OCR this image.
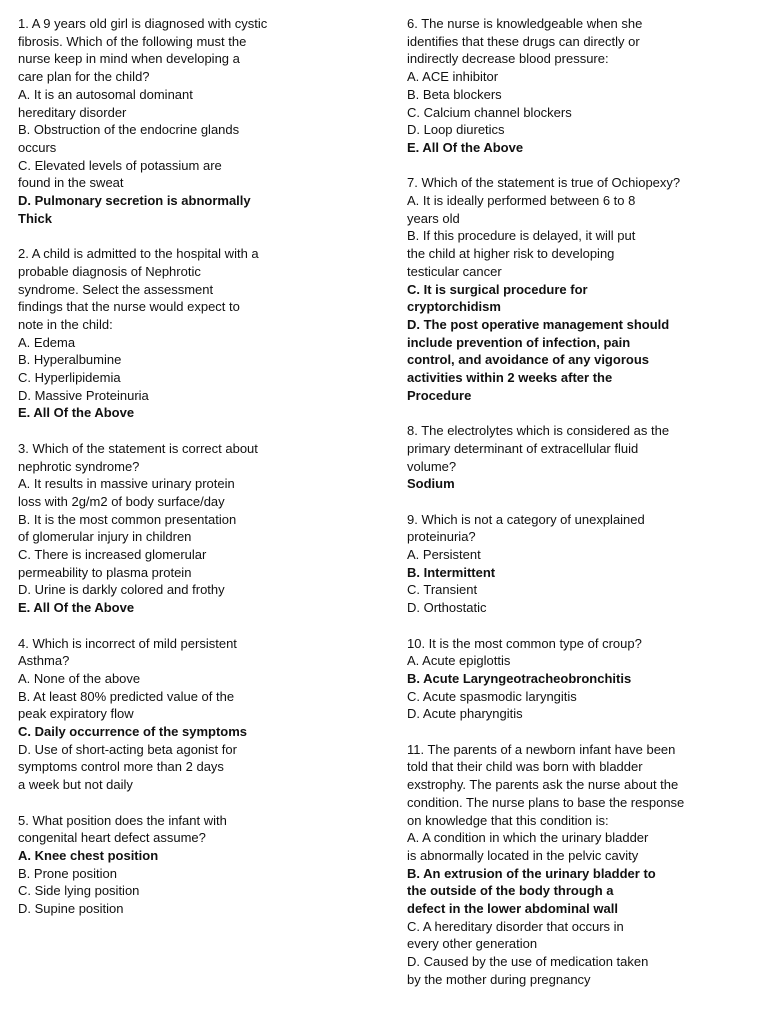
1. A 9 years old girl is diagnosed with cystic
fibrosis. Which of the following must the
nurse keep in mind when developing a
care plan for the child?
A. It is an autosomal dominant
hereditary disorder
B. Obstruction of the endocrine glands
occurs
C. Elevated levels of potassium are
found in the sweat
D. Pulmonary secretion is abnormally
Thick
2. A child is admitted to the hospital with a
probable diagnosis of Nephrotic
syndrome. Select the assessment
findings that the nurse would expect to
note in the child:
A. Edema
B. Hyperalbumine
C. Hyperlipidemia
D. Massive Proteinuria
E. All Of the Above
3. Which of the statement is correct about
nephrotic syndrome?
A. It results in massive urinary protein
loss with 2g/m2 of body surface/day
B. It is the most common presentation
of glomerular injury in children
C. There is increased glomerular
permeability to plasma protein
D. Urine is darkly colored and frothy
E. All Of the Above
4. Which is incorrect of mild persistent
Asthma?
A. None of the above
B. At least 80% predicted value of the
peak expiratory flow
C. Daily occurrence of the symptoms
D. Use of short-acting beta agonist for
symptoms control more than 2 days
a week but not daily
5. What position does the infant with
congenital heart defect assume?
A. Knee chest position
B. Prone position
C. Side lying position
D. Supine position
6. The nurse is knowledgeable when she
identifies that these drugs can directly or
indirectly decrease blood pressure:
A. ACE inhibitor
B. Beta blockers
C. Calcium channel blockers
D. Loop diuretics
E. All Of the Above
7. Which of the statement is true of Ochiopexy?
A. It is ideally performed between 6 to 8
years old
B. If this procedure is delayed, it will put
the child at higher risk to developing
testicular cancer
C. It is surgical procedure for
cryptorchidism
D. The post operative management should
include prevention of infection, pain
control, and avoidance of any vigorous
activities within 2 weeks after the
Procedure
8. The electrolytes which is considered as the
primary determinant of extracellular fluid
volume?
Sodium
9. Which is not a category of unexplained
proteinuria?
A. Persistent
B. Intermittent
C. Transient
D. Orthostatic
10. It is the most common type of croup?
A. Acute epiglottis
B. Acute Laryngeotracheobronchitis
C. Acute spasmodic laryngitis
D. Acute pharyngitis
11. The parents of a newborn infant have been
told that their child was born with bladder
exstrophy. The parents ask the nurse about the
condition. The nurse plans to base the response
on knowledge that this condition is:
A. A condition in which the urinary bladder
is abnormally located in the pelvic cavity
B. An extrusion of the urinary bladder to
the outside of the body through a
defect in the lower abdominal wall
C. A hereditary disorder that occurs in
every other generation
D. Caused by the use of medication taken
by the mother during pregnancy
